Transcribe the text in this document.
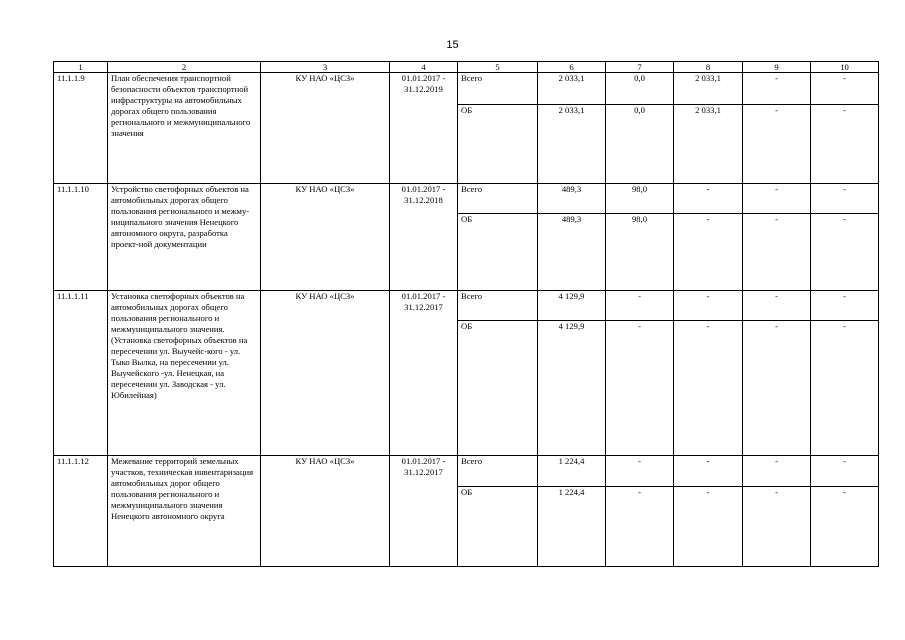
15
1	2	3	4	5	6	7	8	9	10
11.1.1.9	План обеспечения транспортной безопасности объектов транспортной инфраструктуры на автомобильных дорогах общего пользования регионального и межмуниципального значения	КУ НАО «ЦСЗ»	01.01.2017 - 31.12.2019	Всего	2 033,1	0,0	2 033,1	-	-
				ОБ	2 033,1	0,0	2 033,1	-	-
11.1.1.10	Устройство светофорных объектов на автомобильных дорогах общего пользования регионального и межму-ниципального значения Ненецкого автономного округа, разработка проект-ной документации	КУ НАО «ЦСЗ»	01.01.2017 - 31.12.2018	Всего	489,3	98,0	-	-	-
				ОБ	489,3	98,0	-	-	-
11.1.1.11	Установка светофорных объектов на автомобильных дорогах общего пользования регионального и межмуниципального значения. (Установка светофорных объектов на пересечении ул. Выучейс-кого - ул. Тыко Вылка, на пересечении ул. Выучейского -ул. Ненецкая, на пересечении ул. Заводская - ул. Юбилейная)	КУ НАО «ЦСЗ»	01.01.2017 - 31.12.2017	Всего	4 129,9	-	-	-	-
				ОБ	4 129,9	-	-	-	-
11.1.1.12	Межевание территорий земельных участков, техническая инвентаризация автомобильных дорог общего пользования регионального и межмуниципального значения Ненецкого автономного округа	КУ НАО «ЦСЗ»	01.01.2017 - 31.12.2017	Всего	1 224,4	-	-	-	-
				ОБ	1 224,4	-	-	-	-
